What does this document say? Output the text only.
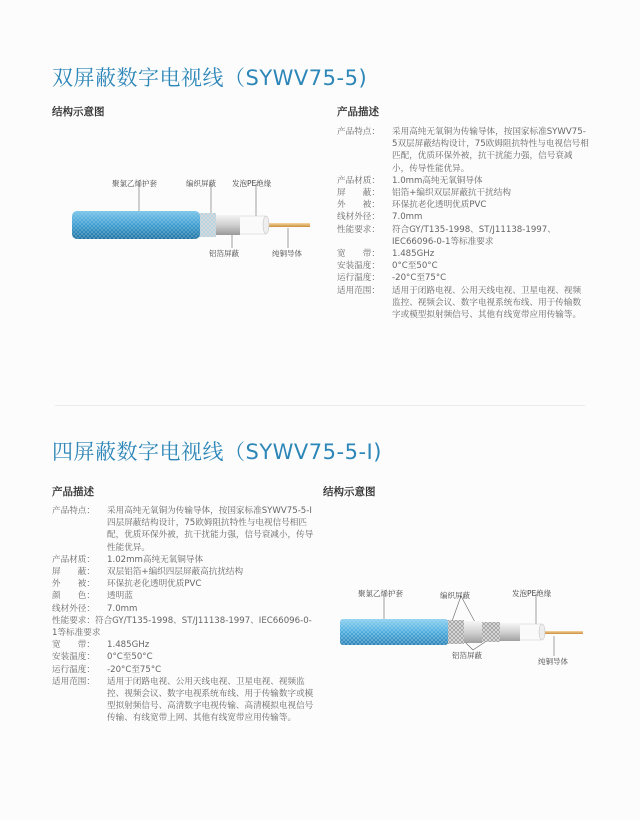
双屏蔽数字电视线（SYWV75-5)
结构示意图	产品描述
聚氯乙烯护套	编织屏蔽 发泡PE绝缘
铝箔屏蔽	纯铜导体
产品特点：	采用高纯无氧铜为传输导体，按国家标准SYWV75-5双层屏蔽结构设计，75欧姆阻抗特性与电视信号相匹配，优质环保外被，抗干扰能力强，信号衰减小，传导性能优异。
产品材质：	1.0mm高纯无氧铜导体
屏　　蔽：	铝箔+编织双层屏蔽抗干扰结构
外　　被：	环保抗老化透明优质PVC
线材外径：	7.0mm
性能要求：	符合GY/T135-1998、ST/J11138-1997、IEC66096-0-1等标准要求
宽　　带：	1.485GHz
安装温度：	0°C至50°C
运行温度：	-20°C至75°C
适用范围：	适用于闭路电视、公用天线电视、卫星电视、视频监控、视频会议、数字电视系统布线、用于传输数字或模型拟射频信号、其他有线宽带应用传输等。
四屏蔽数字电视线（SYWV75-5-I)
产品描述	结构示意图
产品特点：	采用高纯无氧铜为传输导体，按国家标准SYWV75-5-I四层屏蔽结构设计，75欧姆阻抗特性与电视信号相匹配，优质环保外被，抗干扰能力强，信号衰减小，传导性能优异。
产品材质：	1.02mm高纯无氧铜导体
屏　　蔽：	双层铝箔+编织四层屏蔽高抗扰结构
外　　被：	环保抗老化透明优质PVC
颜　　色：	透明蓝
线材外径：	7.0mm
性能要求：符合GY/T135-1998、ST/J11138-1997、IEC66096-0-1等标准要求
宽　　带：	1.485GHz
安装温度：	0°C至50°C
运行温度：	-20°C至75°C
适用范围：	适用于闭路电视、公用天线电视、卫星电视、视频监控、视频会议、数字电视系统布线、用于传输数字或模型拟射频信号、高清数字电视传输、高清模拟电视信号传输、有线宽带上网、其他有线宽带应用传输等。
聚氯乙烯护套	编织屏蔽	发泡PE绝缘
铝箔屏蔽
纯铜导体
